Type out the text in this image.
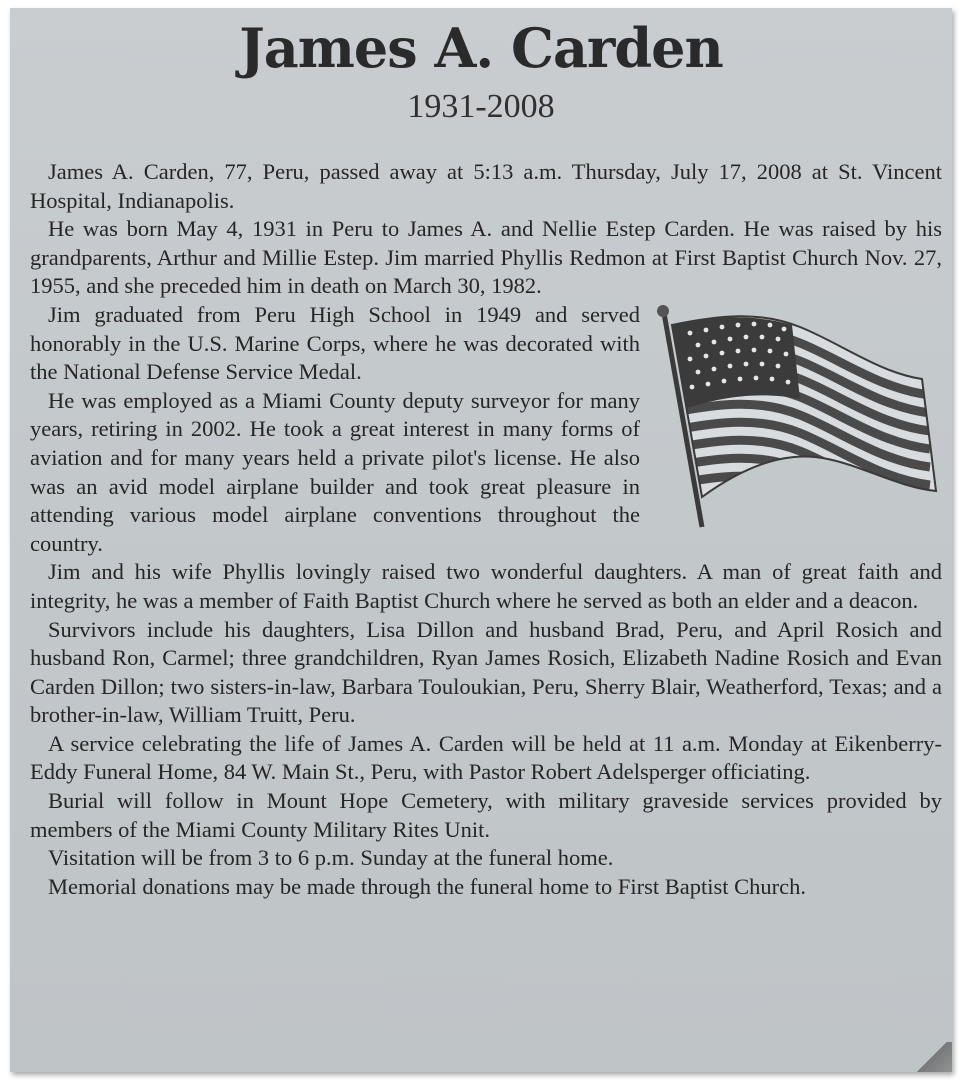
James A. Carden
1931-2008

James A. Carden, 77, Peru, passed away at 5:13 a.m. Thursday, July 17, 2008 at St. Vincent Hospital, Indianapolis.

He was born May 4, 1931 in Peru to James A. and Nellie Estep Carden. He was raised by his grandparents, Arthur and Millie Estep. Jim married Phyllis Redmon at First Baptist Church Nov. 27, 1955, and she preceded him in death on March 30, 1982.

Jim graduated from Peru High School in 1949 and served honorably in the U.S. Marine Corps, where he was decorated with the National Defense Service Medal.

He was employed as a Miami County deputy surveyor for many years, retiring in 2002. He took a great interest in many forms of aviation and for many years held a private pilot's license. He also was an avid model airplane builder and took great pleasure in attending various model airplane conventions throughout the country.

Jim and his wife Phyllis lovingly raised two wonderful daughters. A man of great faith and integrity, he was a member of Faith Baptist Church where he served as both an elder and a deacon.

Survivors include his daughters, Lisa Dillon and husband Brad, Peru, and April Rosich and husband Ron, Carmel; three grandchildren, Ryan James Rosich, Elizabeth Nadine Rosich and Evan Carden Dillon; two sisters-in-law, Barbara Touloukian, Peru, Sherry Blair, Weatherford, Texas; and a brother-in-law, William Truitt, Peru.

A service celebrating the life of James A. Carden will be held at 11 a.m. Monday at Eikenberry-Eddy Funeral Home, 84 W. Main St., Peru, with Pastor Robert Adelsperger officiating.

Burial will follow in Mount Hope Cemetery, with military graveside services provided by members of the Miami County Military Rites Unit.

Visitation will be from 3 to 6 p.m. Sunday at the funeral home.

Memorial donations may be made through the funeral home to First Baptist Church.
